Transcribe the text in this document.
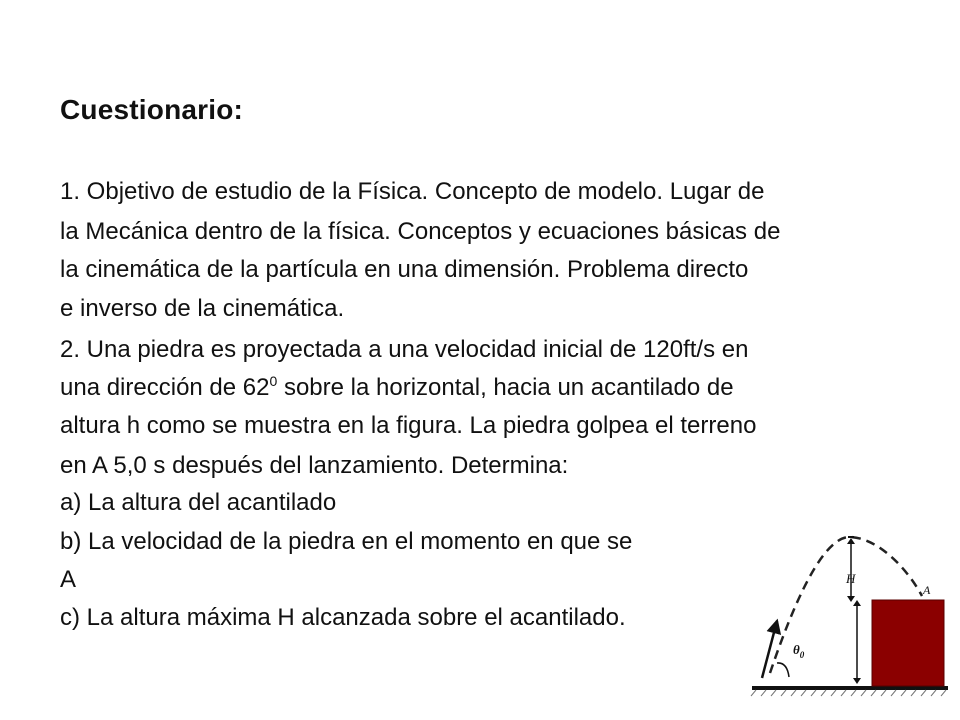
Cuestionario:
1. Objetivo de estudio de la Física. Concepto de modelo. Lugar de
la Mecánica dentro de la física. Conceptos y ecuaciones básicas de
la cinemática de la partícula en una dimensión. Problema directo
e inverso de la cinemática.
2. Una piedra es proyectada a una velocidad inicial de 120ft/s en
una dirección de $62^0$ sobre la horizontal, hacia un acantilado de
altura h como se muestra en la figura. La piedra golpea el terreno
en A 5,0 s después del lanzamiento. Determina:
a) La altura del acantilado
b) La velocidad de la piedra en el momento en que se
A
c) La altura máxima H alcanzada sobre el acantilado.
$\theta_0$
H
A
